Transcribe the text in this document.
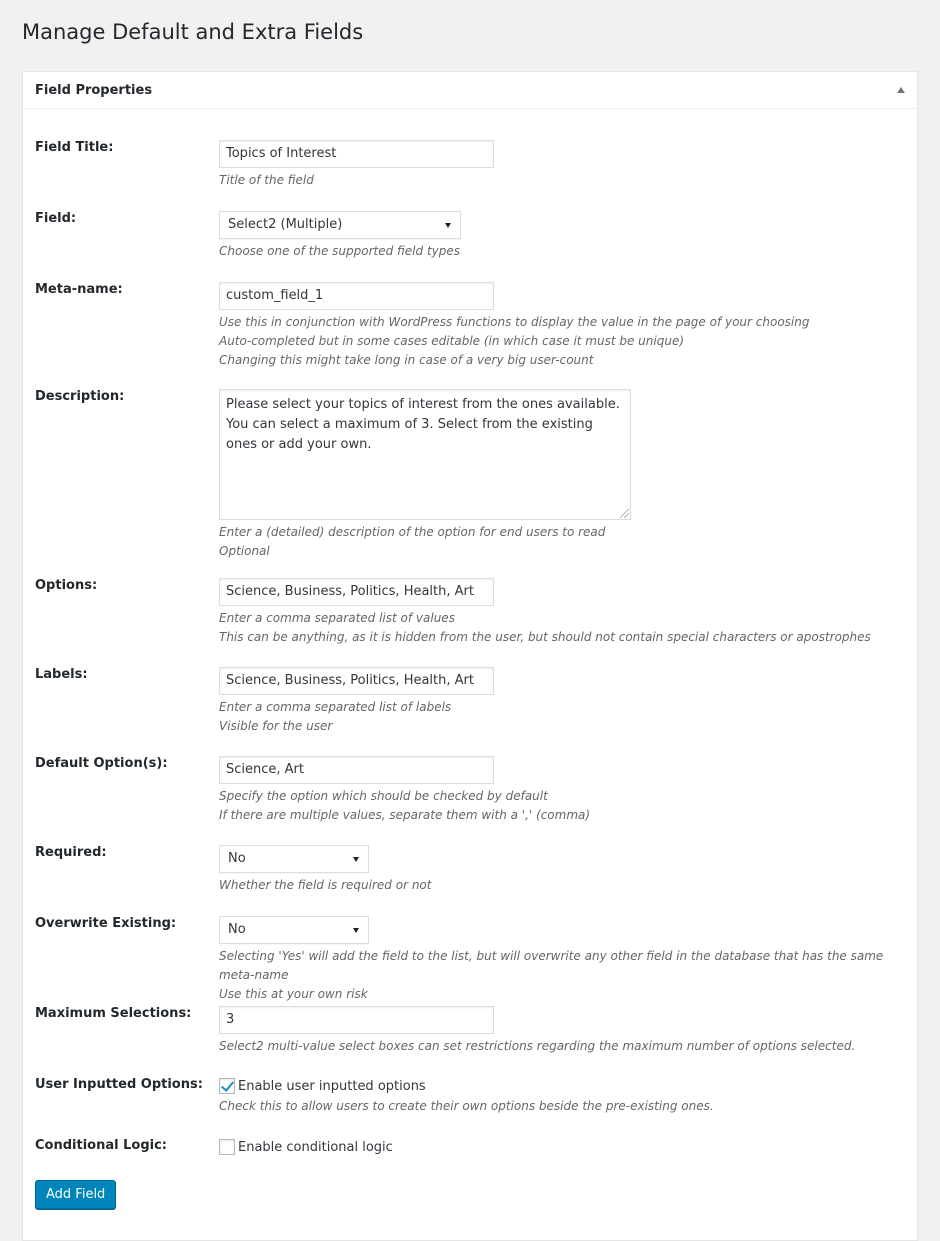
Manage Default and Extra Fields
Field Properties
Field Title:	Topics of Interest
Title of the field
Field:	Select2 (Multiple)
Choose one of the supported field types
Meta-name:	custom_field_1
Use this in conjunction with WordPress functions to display the value in the page of your choosing
Auto-completed but in some cases editable (in which case it must be unique)
Changing this might take long in case of a very big user-count
Description:
Please select your topics of interest from the ones available. You can select a maximum of 3. Select from the existing ones or add your own.
Enter a (detailed) description of the option for end users to read
Optional
Options:	Science, Business, Politics, Health, Art
Enter a comma separated list of values
This can be anything, as it is hidden from the user, but should not contain special characters or apostrophes
Labels:	Science, Business, Politics, Health, Art
Enter a comma separated list of labels
Visible for the user
Default Option(s):	Science, Art
Specify the option which should be checked by default
If there are multiple values, separate them with a ',' (comma)
Required:	No
Whether the field is required or not
Overwrite Existing:	No
Selecting 'Yes' will add the field to the list, but will overwrite any other field in the database that has the same meta-name
Use this at your own risk
Maximum Selections:	3
Select2 multi-value select boxes can set restrictions regarding the maximum number of options selected.
User Inputted Options:	Enable user inputted options
Check this to allow users to create their own options beside the pre-existing ones.
Conditional Logic:	Enable conditional logic
Add Field
